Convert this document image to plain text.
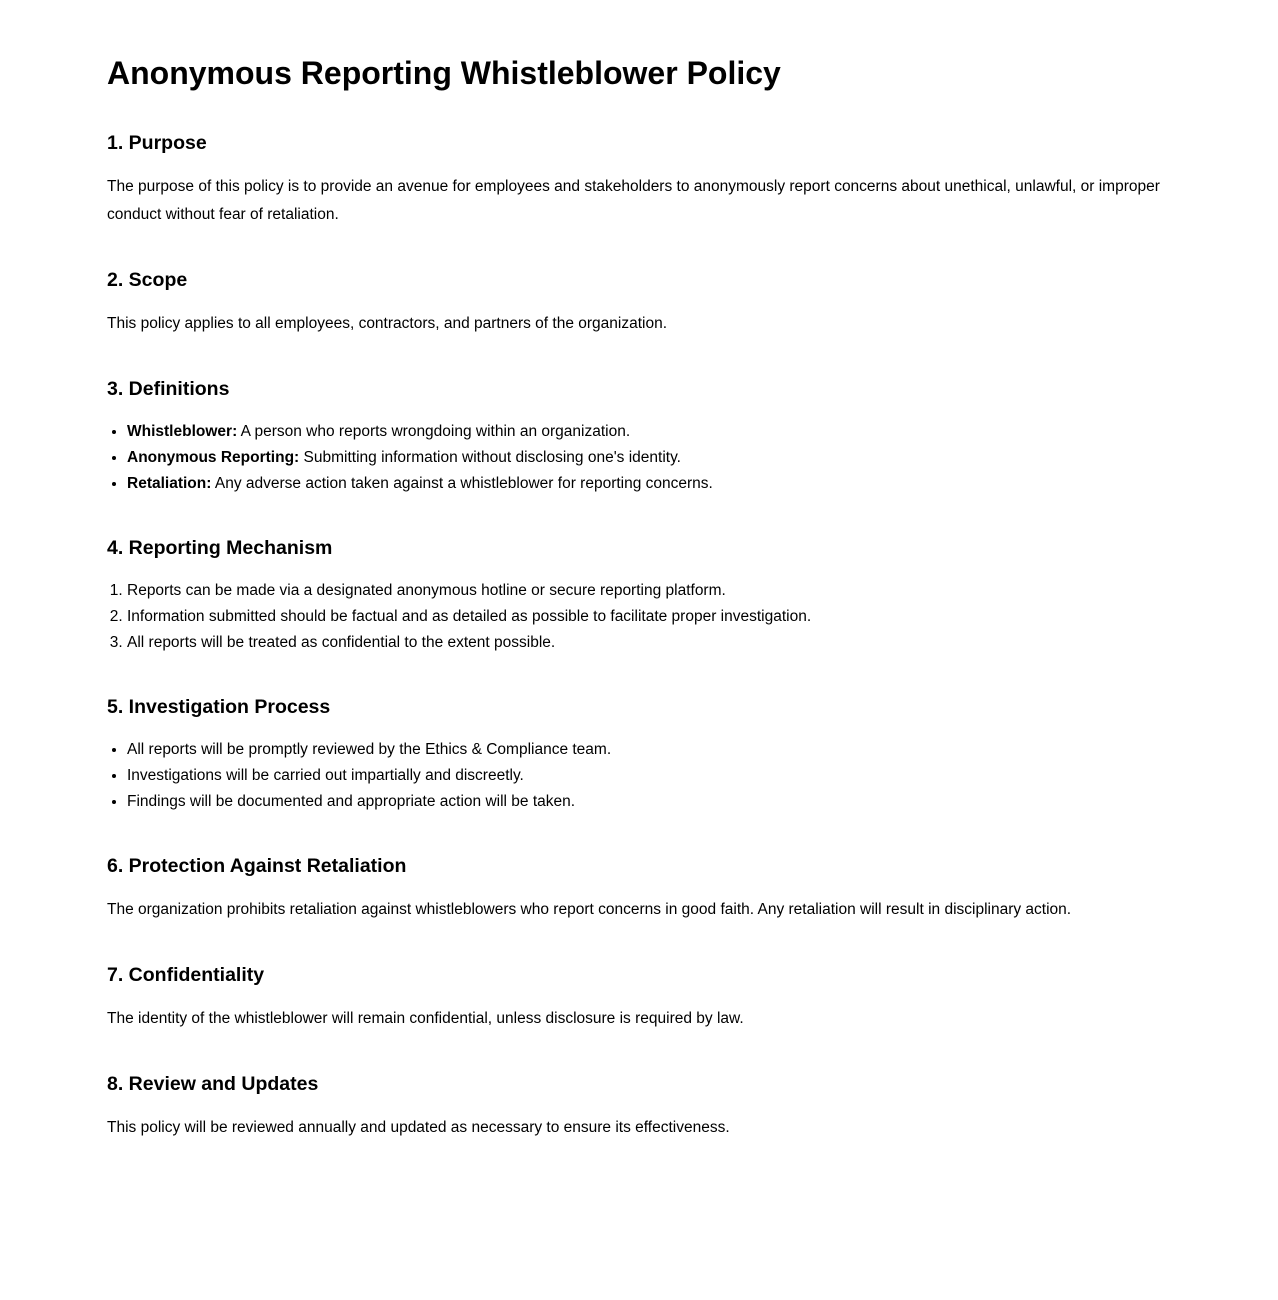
Anonymous Reporting Whistleblower Policy
1. Purpose

The purpose of this policy is to provide an avenue for employees and stakeholders to anonymously report concerns about unethical, unlawful, or improper conduct without fear of retaliation.

2. Scope

This policy applies to all employees, contractors, and partners of the organization.

3. Definitions
• Whistleblower: A person who reports wrongdoing within an organization.
• Anonymous Reporting: Submitting information without disclosing one's identity.
• Retaliation: Any adverse action taken against a whistleblower for reporting concerns.
4. Reporting Mechanism
1. Reports can be made via a designated anonymous hotline or secure reporting platform.
2. Information submitted should be factual and as detailed as possible to facilitate proper investigation.
3. All reports will be treated as confidential to the extent possible.
5. Investigation Process
• All reports will be promptly reviewed by the Ethics & Compliance team.
• Investigations will be carried out impartially and discreetly.
• Findings will be documented and appropriate action will be taken.
6. Protection Against Retaliation

The organization prohibits retaliation against whistleblowers who report concerns in good faith. Any retaliation will result in disciplinary action.

7. Confidentiality

The identity of the whistleblower will remain confidential, unless disclosure is required by law.

8. Review and Updates

This policy will be reviewed annually and updated as necessary to ensure its effectiveness.
